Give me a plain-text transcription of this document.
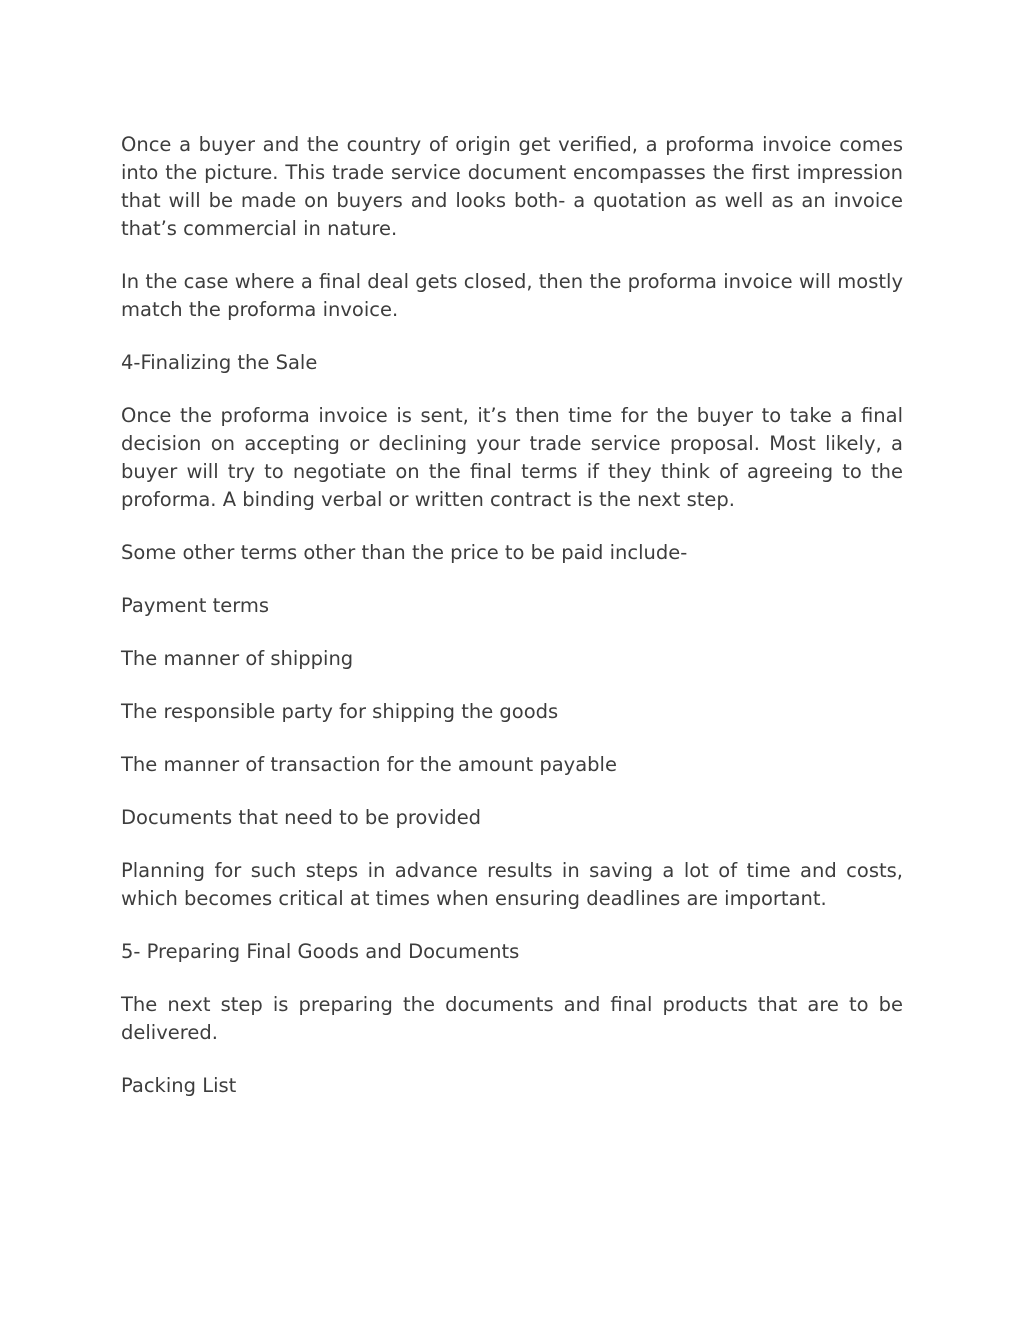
Once a buyer and the country of origin get verified, a proforma invoice comes into the picture. This trade service document encompasses the first impression that will be made on buyers and looks both- a quotation as well as an invoice that’s commercial in nature.

In the case where a final deal gets closed, then the proforma invoice will mostly match the proforma invoice.

4-Finalizing the Sale

Once the proforma invoice is sent, it’s then time for the buyer to take a final decision on accepting or declining your trade service proposal. Most likely, a buyer will try to negotiate on the final terms if they think of agreeing to the proforma. A binding verbal or written contract is the next step.

Some other terms other than the price to be paid include-

Payment terms

The manner of shipping

The responsible party for shipping the goods

The manner of transaction for the amount payable

Documents that need to be provided

Planning for such steps in advance results in saving a lot of time and costs, which becomes critical at times when ensuring deadlines are important.

5- Preparing Final Goods and Documents

The next step is preparing the documents and final products that are to be delivered.

Packing List
